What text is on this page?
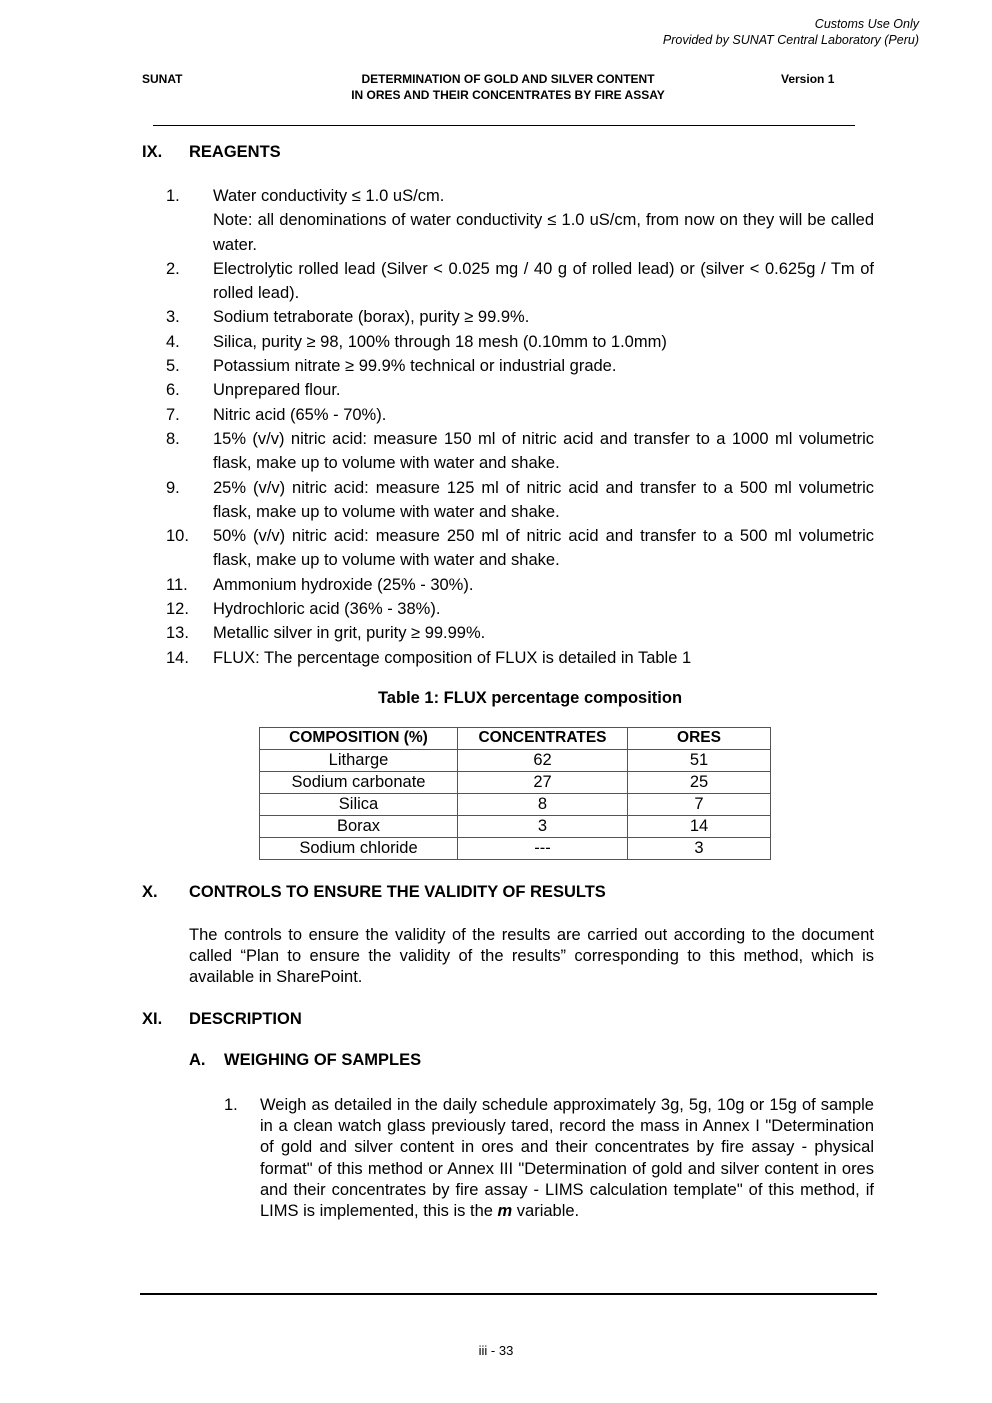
Customs Use Only
Provided by SUNAT Central Laboratory (Peru)
SUNAT	DETERMINATION OF GOLD AND SILVER CONTENT
IN ORES AND THEIR CONCENTRATES BY FIRE ASSAY
Version 1
IX. REAGENTS
1.	Water conductivity ≤ 1.0 uS/cm.
Note: all denominations of water conductivity ≤ 1.0 uS/cm, from now on they will be called water.
2.	Electrolytic rolled lead (Silver < 0.025 mg / 40 g of rolled lead) or (silver < 0.625g / Tm of rolled lead).
3.	Sodium tetraborate (borax), purity ≥ 99.9%.
4.	Silica, purity ≥ 98, 100% through 18 mesh (0.10mm to 1.0mm)
5.	Potassium nitrate ≥ 99.9% technical or industrial grade.
6.	Unprepared flour.
7.	Nitric acid (65% - 70%).
8.	15% (v/v) nitric acid: measure 150 ml of nitric acid and transfer to a 1000 ml volumetric flask, make up to volume with water and shake.
9.	25% (v/v) nitric acid: measure 125 ml of nitric acid and transfer to a 500 ml volumetric flask, make up to volume with water and shake.
10.	50% (v/v) nitric acid: measure 250 ml of nitric acid and transfer to a 500 ml volumetric flask, make up to volume with water and shake.
11.	Ammonium hydroxide (25% - 30%).
12.	Hydrochloric acid (36% - 38%).
13.	Metallic silver in grit, purity ≥ 99.99%.
14.	FLUX: The percentage composition of FLUX is detailed in Table 1
Table 1: FLUX percentage composition
COMPOSITION (%)	CONCENTRATES	ORES
Litharge	62	51
Sodium carbonate	27	25
Silica	8	7
Borax	3	14
Sodium chloride	---	3
X. CONTROLS TO ENSURE THE VALIDITY OF RESULTS
The controls to ensure the validity of the results are carried out according to the document called “Plan to ensure the validity of the results” corresponding to this method, which is available in SharePoint.
XI. DESCRIPTION
A. WEIGHING OF SAMPLES
1.	Weigh as detailed in the daily schedule approximately 3g, 5g, 10g or 15g of sample in a clean watch glass previously tared, record the mass in Annex I "Determination of gold and silver content in ores and their concentrates by fire assay - physical format" of this method or Annex III "Determination of gold and silver content in ores and their concentrates by fire assay - LIMS calculation template" of this method, if LIMS is implemented, this is the m variable.
iii - 33
